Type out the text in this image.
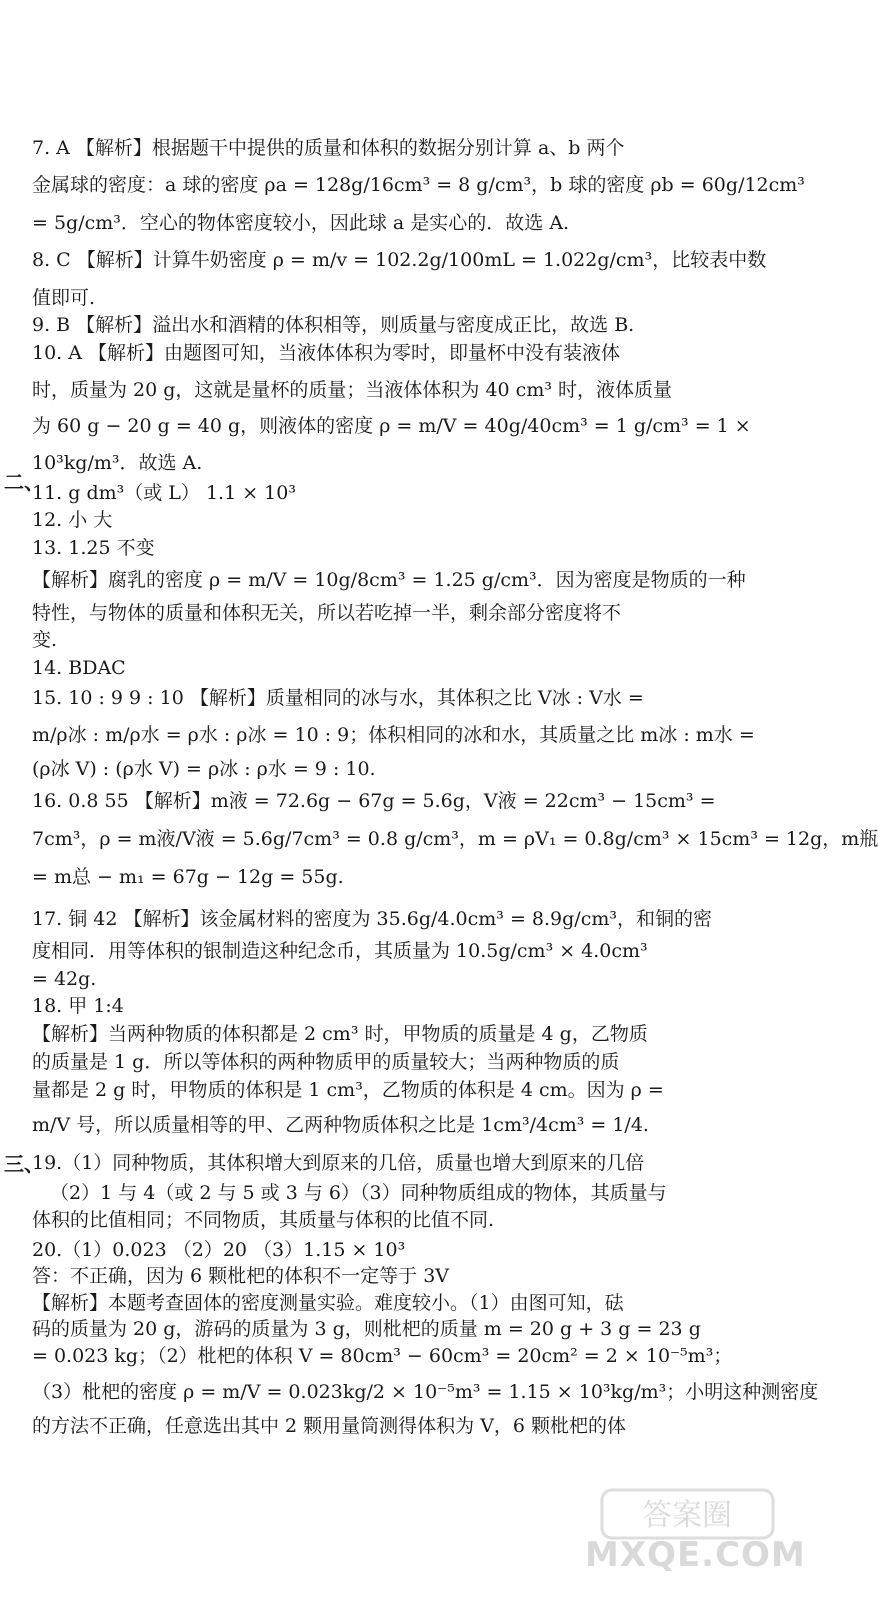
7. A 【解析】根据题干中提供的质量和体积的数据分别计算 a、b 两个
金属球的密度：a 球的密度 ρa = 128g/16cm³ = 8 g/cm³，b 球的密度 ρb = 60g/12cm³
= 5g/cm³．空心的物体密度较小，因此球 a 是实心的．故选 A.
8. C 【解析】计算牛奶密度 ρ = m/v = 102.2g/100mL = 1.022g/cm³，比较表中数
值即可.
9. B 【解析】溢出水和酒精的体积相等，则质量与密度成正比，故选 B.
10. A 【解析】由题图可知，当液体体积为零时，即量杯中没有装液体
时，质量为 20 g，这就是量杯的质量；当液体体积为 40 cm³ 时，液体质量
为 60 g − 20 g = 40 g，则液体的密度 ρ = m/V = 40g/40cm³ = 1 g/cm³ = 1 ×
10³kg/m³．故选 A.
11. g dm³（或 L） 1.1 × 10³
12. 小 大
13. 1.25 不变
【解析】腐乳的密度 ρ = m/V = 10g/8cm³ = 1.25 g/cm³．因为密度是物质的一种
特性，与物体的质量和体积无关，所以若吃掉一半，剩余部分密度将不
变.
14. BDAC
15. 10 : 9 9 : 10 【解析】质量相同的冰与水，其体积之比 V冰 : V水 =
m/ρ冰 : m/ρ水 = ρ水 : ρ冰 = 10 : 9；体积相同的冰和水，其质量之比 m冰 : m水 =
(ρ冰 V) : (ρ水 V) = ρ冰 : ρ水 = 9 : 10.
16. 0.8 55 【解析】m液 = 72.6g − 67g = 5.6g，V液 = 22cm³ − 15cm³ =
7cm³，ρ = m液/V液 = 5.6g/7cm³ = 0.8 g/cm³，m = ρV₁ = 0.8g/cm³ × 15cm³ = 12g，m瓶
= m总 − m₁ = 67g − 12g = 55g.
17. 铜 42 【解析】该金属材料的密度为 35.6g/4.0cm³ = 8.9g/cm³，和铜的密
度相同．用等体积的银制造这种纪念币，其质量为 10.5g/cm³ × 4.0cm³
= 42g.
18. 甲 1:4
【解析】当两种物质的体积都是 2 cm³ 时，甲物质的质量是 4 g，乙物质
的质量是 1 g．所以等体积的两种物质甲的质量较大；当两种物质的质
量都是 2 g 时，甲物质的体积是 1 cm³，乙物质的体积是 4 cm。因为 ρ =
m/V 号，所以质量相等的甲、乙两种物质体积之比是 1cm³/4cm³ = 1/4.
19.（1）同种物质，其体积增大到原来的几倍，质量也增大到原来的几倍
（2）1 与 4（或 2 与 5 或 3 与 6）（3）同种物质组成的物体，其质量与
体积的比值相同；不同物质，其质量与体积的比值不同.
20.（1）0.023 （2）20 （3）1.15 × 10³
答：不正确，因为 6 颗枇杷的体积不一定等于 3V
【解析】本题考查固体的密度测量实验。难度较小。（1）由图可知，砝
码的质量为 20 g，游码的质量为 3 g，则枇杷的质量 m = 20 g + 3 g = 23 g
= 0.023 kg；（2）枇杷的体积 V = 80cm³ − 60cm³ = 20cm² = 2 × 10⁻⁵m³；
（3）枇杷的密度 ρ = m/V = 0.023kg/2 × 10⁻⁵m³ = 1.15 × 10³kg/m³；小明这种测密度
的方法不正确，任意选出其中 2 颗用量筒测得体积为 V，6 颗枇杷的体
二、
三、
答案圈
MXQE.COM
